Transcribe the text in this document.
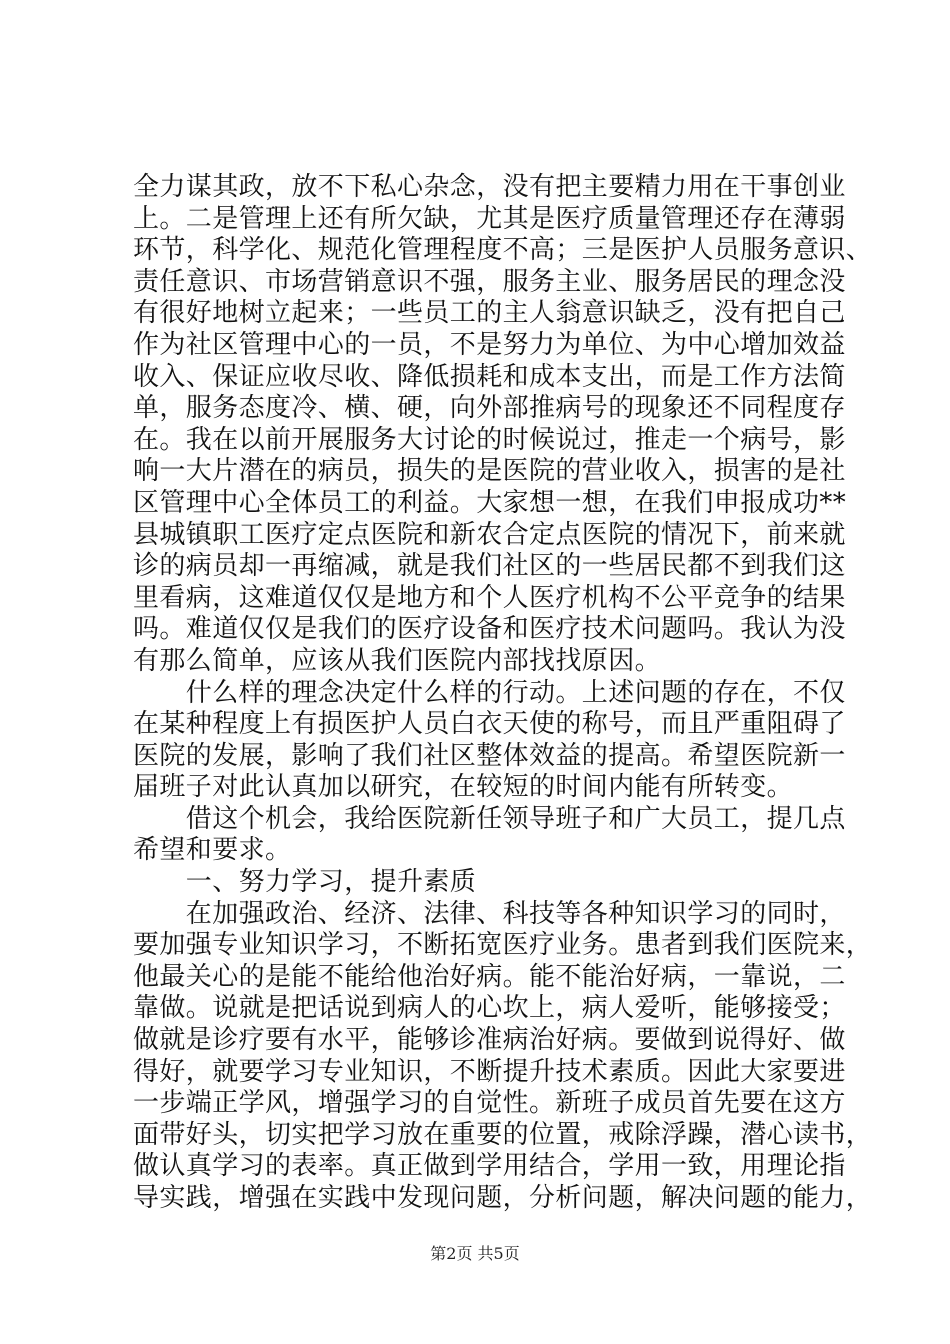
全力谋其政，放不下私心杂念，没有把主要精力用在干事创业
上。二是管理上还有所欠缺，尤其是医疗质量管理还存在薄弱
环节，科学化、规范化管理程度不高；三是医护人员服务意识、
责任意识、市场营销意识不强，服务主业、服务居民的理念没
有很好地树立起来；一些员工的主人翁意识缺乏，没有把自己
作为社区管理中心的一员，不是努力为单位、为中心增加效益
收入、保证应收尽收、降低损耗和成本支出，而是工作方法简
单，服务态度冷、横、硬，向外部推病号的现象还不同程度存
在。我在以前开展服务大讨论的时候说过，推走一个病号，影
响一大片潜在的病员，损失的是医院的营业收入，损害的是社
区管理中心全体员工的利益。大家想一想，在我们申报成功**
县城镇职工医疗定点医院和新农合定点医院的情况下，前来就
诊的病员却一再缩减，就是我们社区的一些居民都不到我们这
里看病，这难道仅仅是地方和个人医疗机构不公平竞争的结果
吗。难道仅仅是我们的医疗设备和医疗技术问题吗。我认为没
有那么简单，应该从我们医院内部找找原因。
　　什么样的理念决定什么样的行动。上述问题的存在，不仅
在某种程度上有损医护人员白衣天使的称号，而且严重阻碍了
医院的发展，影响了我们社区整体效益的提高。希望医院新一
届班子对此认真加以研究，在较短的时间内能有所转变。
　　借这个机会，我给医院新任领导班子和广大员工，提几点
希望和要求。
　　一、努力学习，提升素质
　　在加强政治、经济、法律、科技等各种知识学习的同时，
要加强专业知识学习，不断拓宽医疗业务。患者到我们医院来，
他最关心的是能不能给他治好病。能不能治好病，一靠说，二
靠做。说就是把话说到病人的心坎上，病人爱听，能够接受；
做就是诊疗要有水平，能够诊准病治好病。要做到说得好、做
得好，就要学习专业知识，不断提升技术素质。因此大家要进
一步端正学风，增强学习的自觉性。新班子成员首先要在这方
面带好头，切实把学习放在重要的位置，戒除浮躁，潜心读书，
做认真学习的表率。真正做到学用结合，学用一致，用理论指
导实践，增强在实践中发现问题，分析问题，解决问题的能力，
第2页 共5页
